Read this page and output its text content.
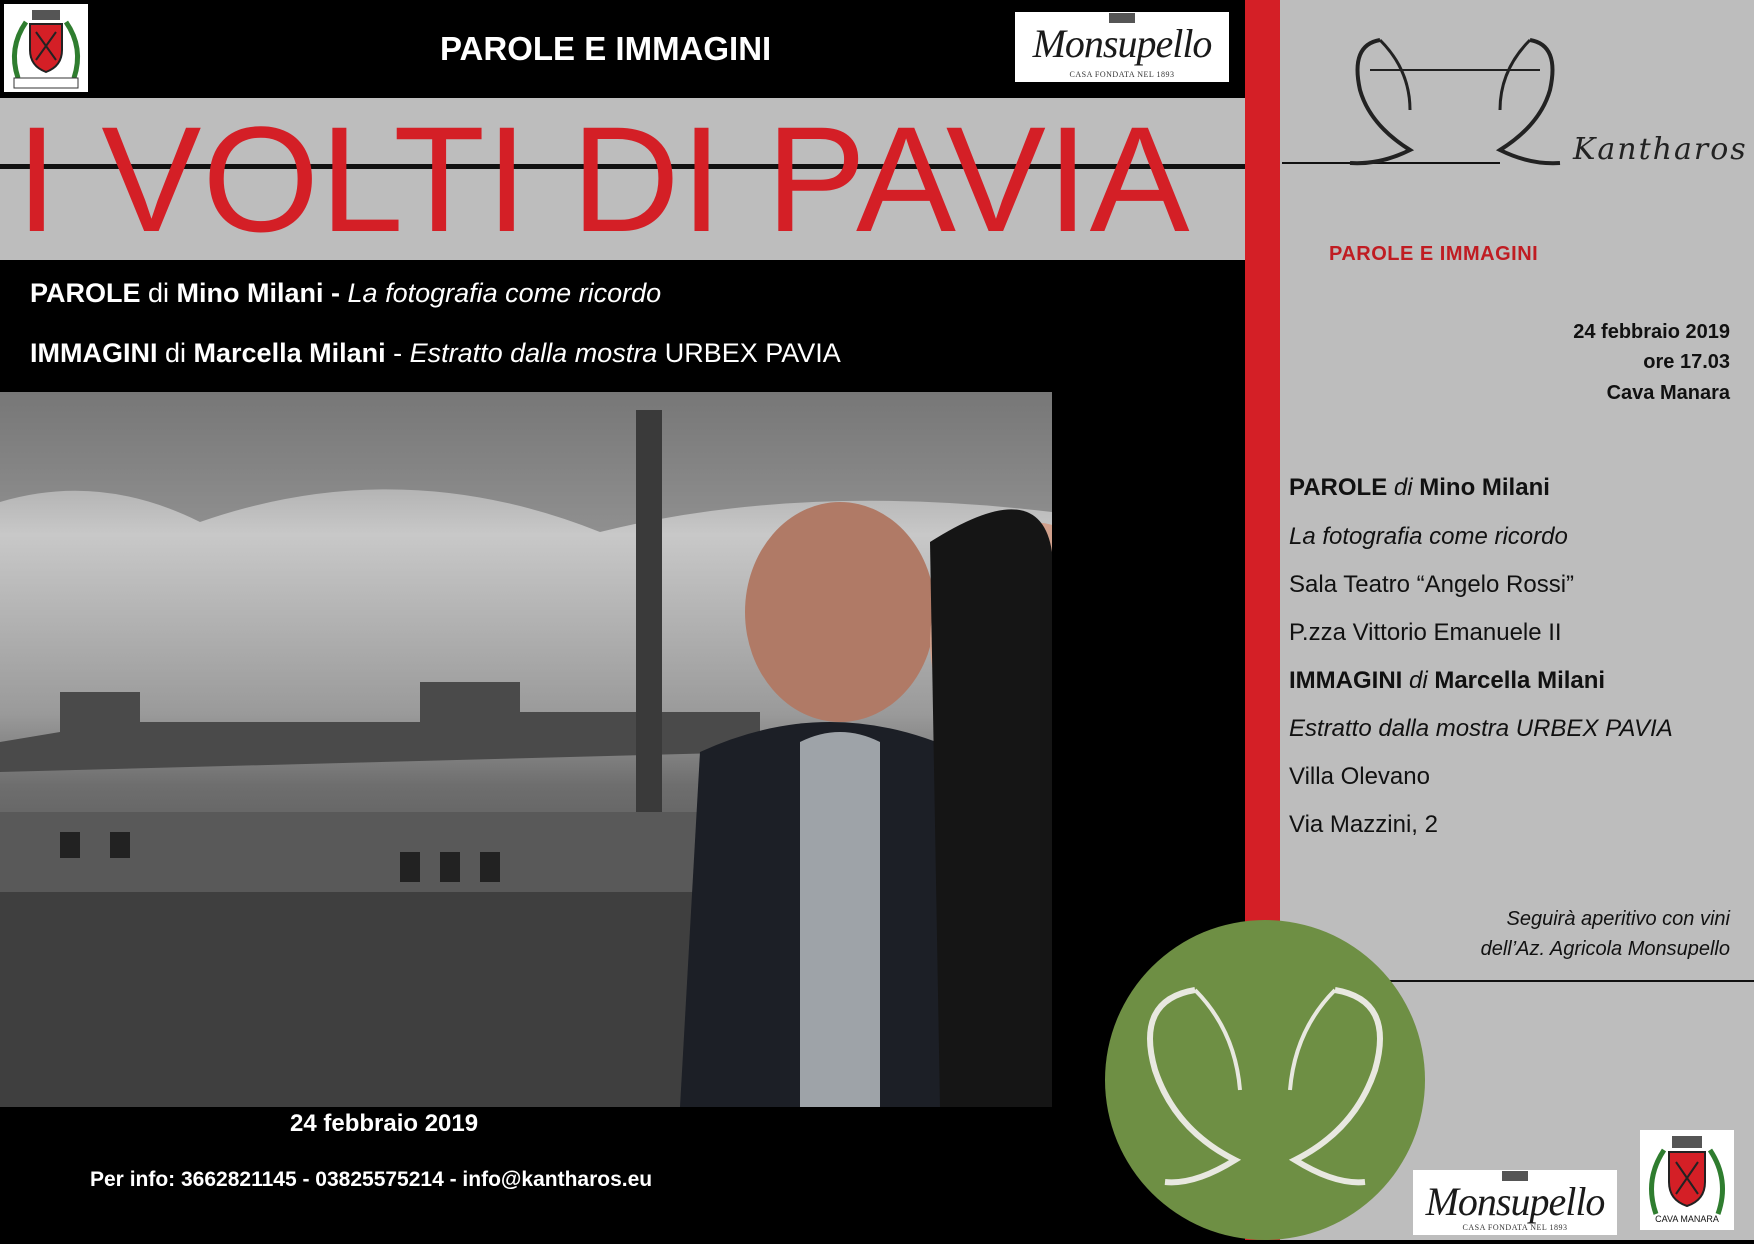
I VOLTI DI PAVIA
PAROLE E IMMAGINI	Monsupello
CASA FONDATA NEL 1893
PAROLE di Mino Milani - La fotografia come ricordo
IMMAGINI di Marcella Milani - Estratto dalla mostra URBEX PAVIA
Kantharos
PAROLE E IMMAGINI
24 febbraio 2019
ore 17.03
Cava Manara
PAROLE di Mino Milani
La fotografia come ricordo
Sala Teatro “Angelo Rossi”
P.zza Vittorio Emanuele II
IMMAGINI di Marcella Milani
Estratto dalla mostra URBEX PAVIA
Villa Olevano
Via Mazzini, 2
Seguirà aperitivo con vini
dell’Az. Agricola Monsupello
Monsupello
CASA FONDATA NEL 1893
CAVA MANARA
24 febbraio 2019
Per info: 3662821145 - 03825575214 - info@kantharos.eu
